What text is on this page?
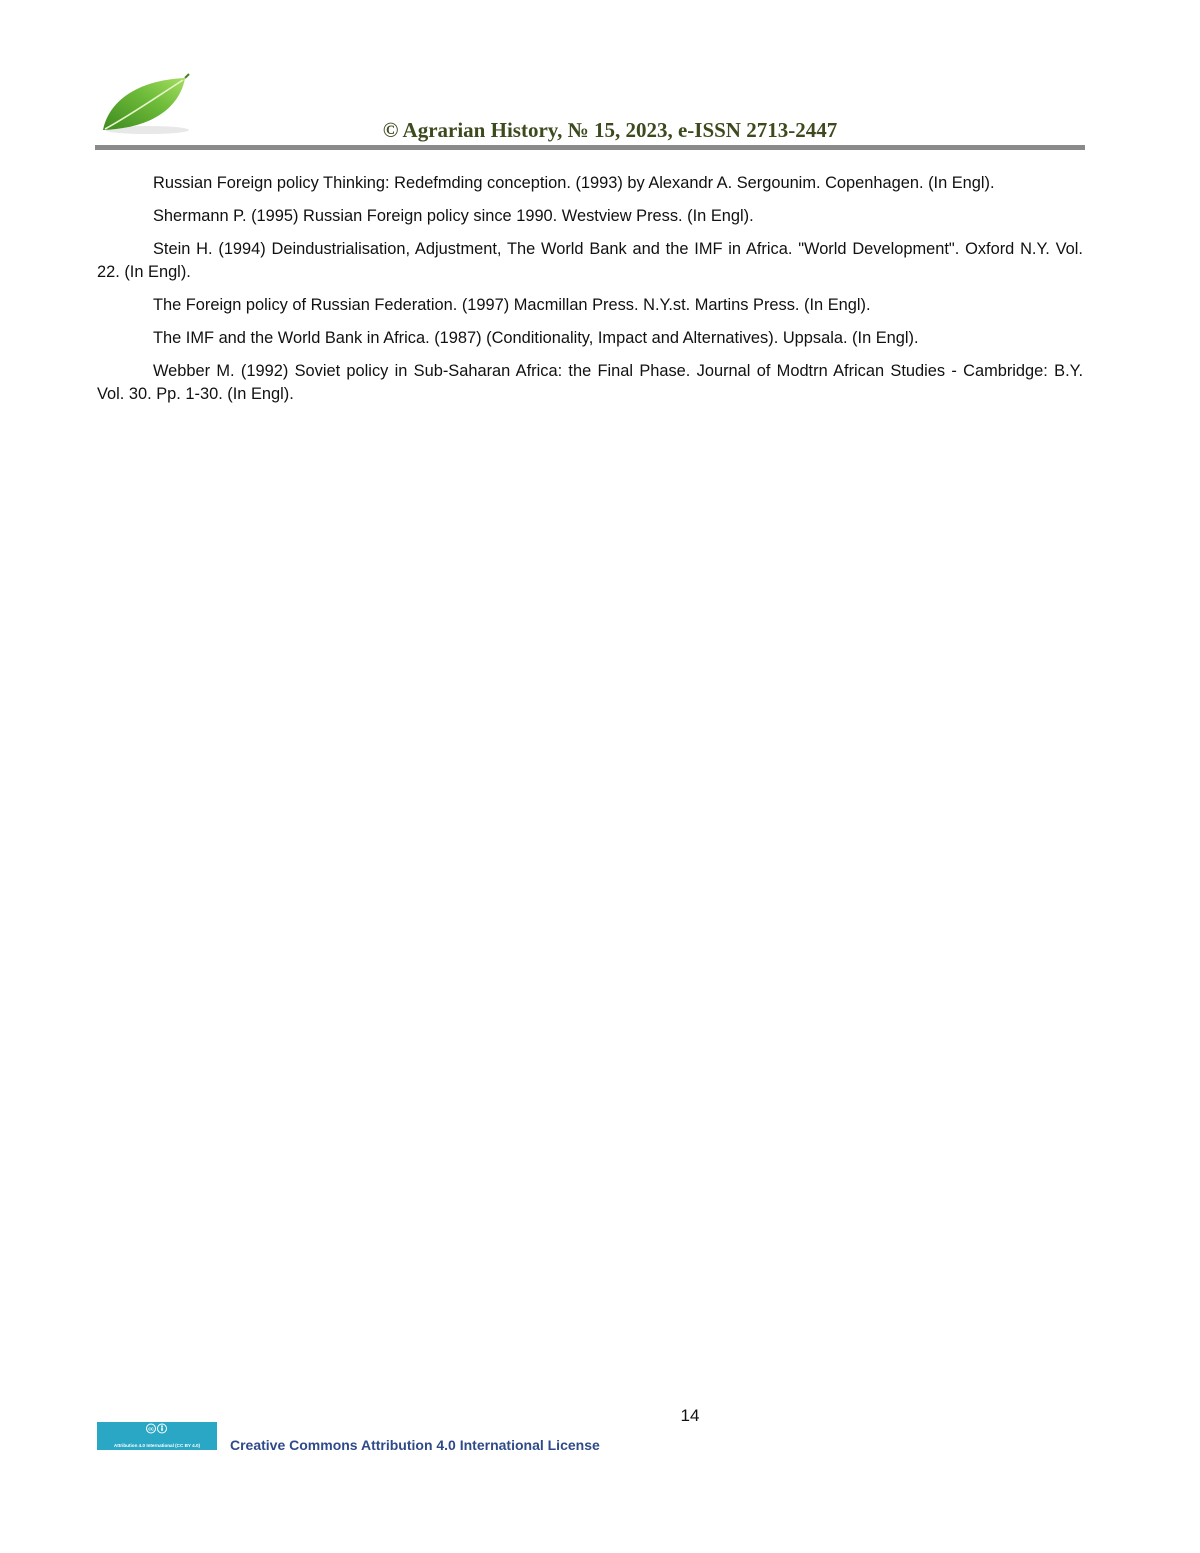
© Agrarian History, № 15, 2023, e-ISSN 2713-2447

Russian Foreign policy Thinking: Redefmding conception. (1993) by Alexandr A. Sergounim. Copenhagen. (In Engl).

Shermann P. (1995) Russian Foreign policy since 1990. Westview Press. (In Engl).

Stein H. (1994) Deindustrialisation, Adjustment, The World Bank and the IMF in Africa. "World Development". Oxford N.Y. Vol. 22. (In Engl).

The Foreign policy of Russian Federation. (1997) Macmillan Press. N.Y.st. Martins Press. (In Engl).

The IMF and the World Bank in Africa. (1987) (Conditionality, Impact and Alternatives). Uppsala. (In Engl).

Webber M. (1992) Soviet policy in Sub-Saharan Africa: the Final Phase. Journal of Modtrn African Studies - Cambridge: B.Y. Vol. 30. Pp. 1-30. (In Engl).

14
cc
Attribution 4.0 International (CC BY 4.0)	Creative Commons Attribution 4.0 International License
